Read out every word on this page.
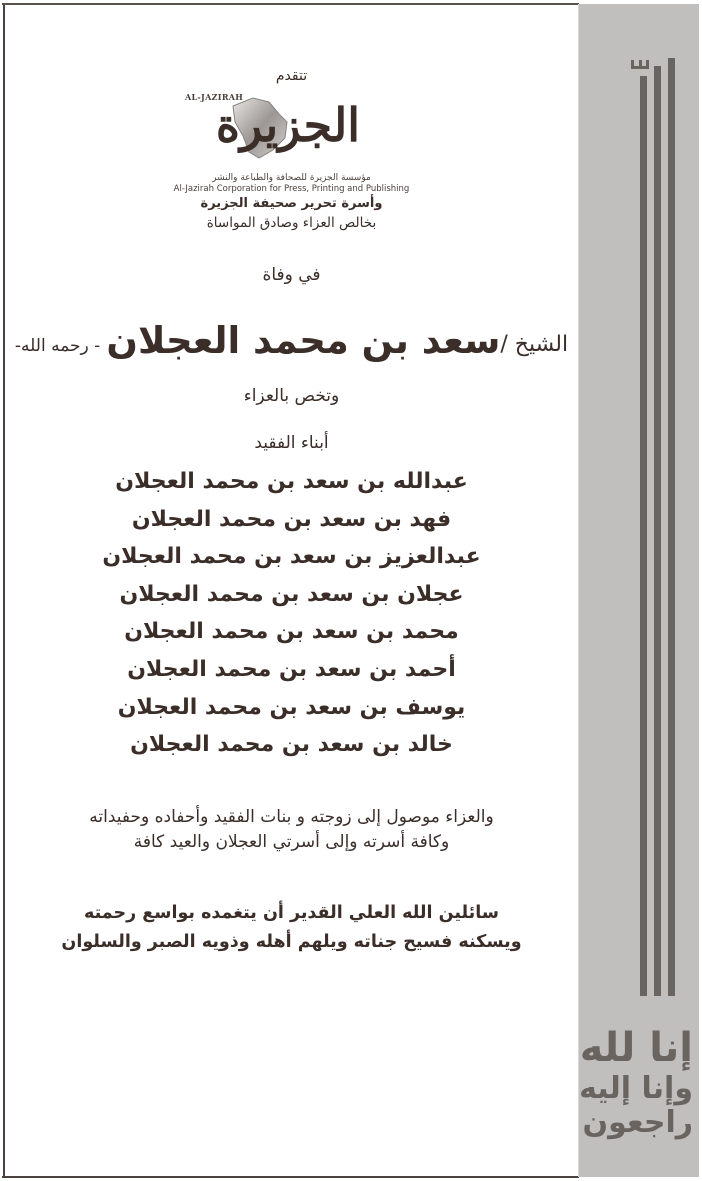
إنا لله
وإنا إليه
راجعون
تتقدم
AL-JAZIRAH
الجزيرة
مؤسسة الجزيرة للصحافة والطباعة والنشر
Al-Jazirah Corporation for Press, Printing and Publishing
وأسرة تحرير صحيفة الجزيرة
بخالص العزاء وصادق المواساة
في وفاة
الشيخ /سعد بن محمد العجلان - رحمه الله-
وتخص بالعزاء
أبناء الفقيد
عبدالله بن سعد بن محمد العجلان
فهد بن سعد بن محمد العجلان
عبدالعزيز بن سعد بن محمد العجلان
عجلان بن سعد بن محمد العجلان
محمد بن سعد بن محمد العجلان
أحمد بن سعد بن محمد العجلان
يوسف بن سعد بن محمد العجلان
خالد بن سعد بن محمد العجلان
والعزاء موصول إلى زوجته و بنات الفقيد وأحفاده وحفيداته
وكافة أسرته وإلى أسرتي العجلان والعيد كافة
سائلين الله العلي القدير أن يتغمده بواسع رحمته
ويسكنه فسيح جناته ويلهم أهله وذويه الصبر والسلوان
